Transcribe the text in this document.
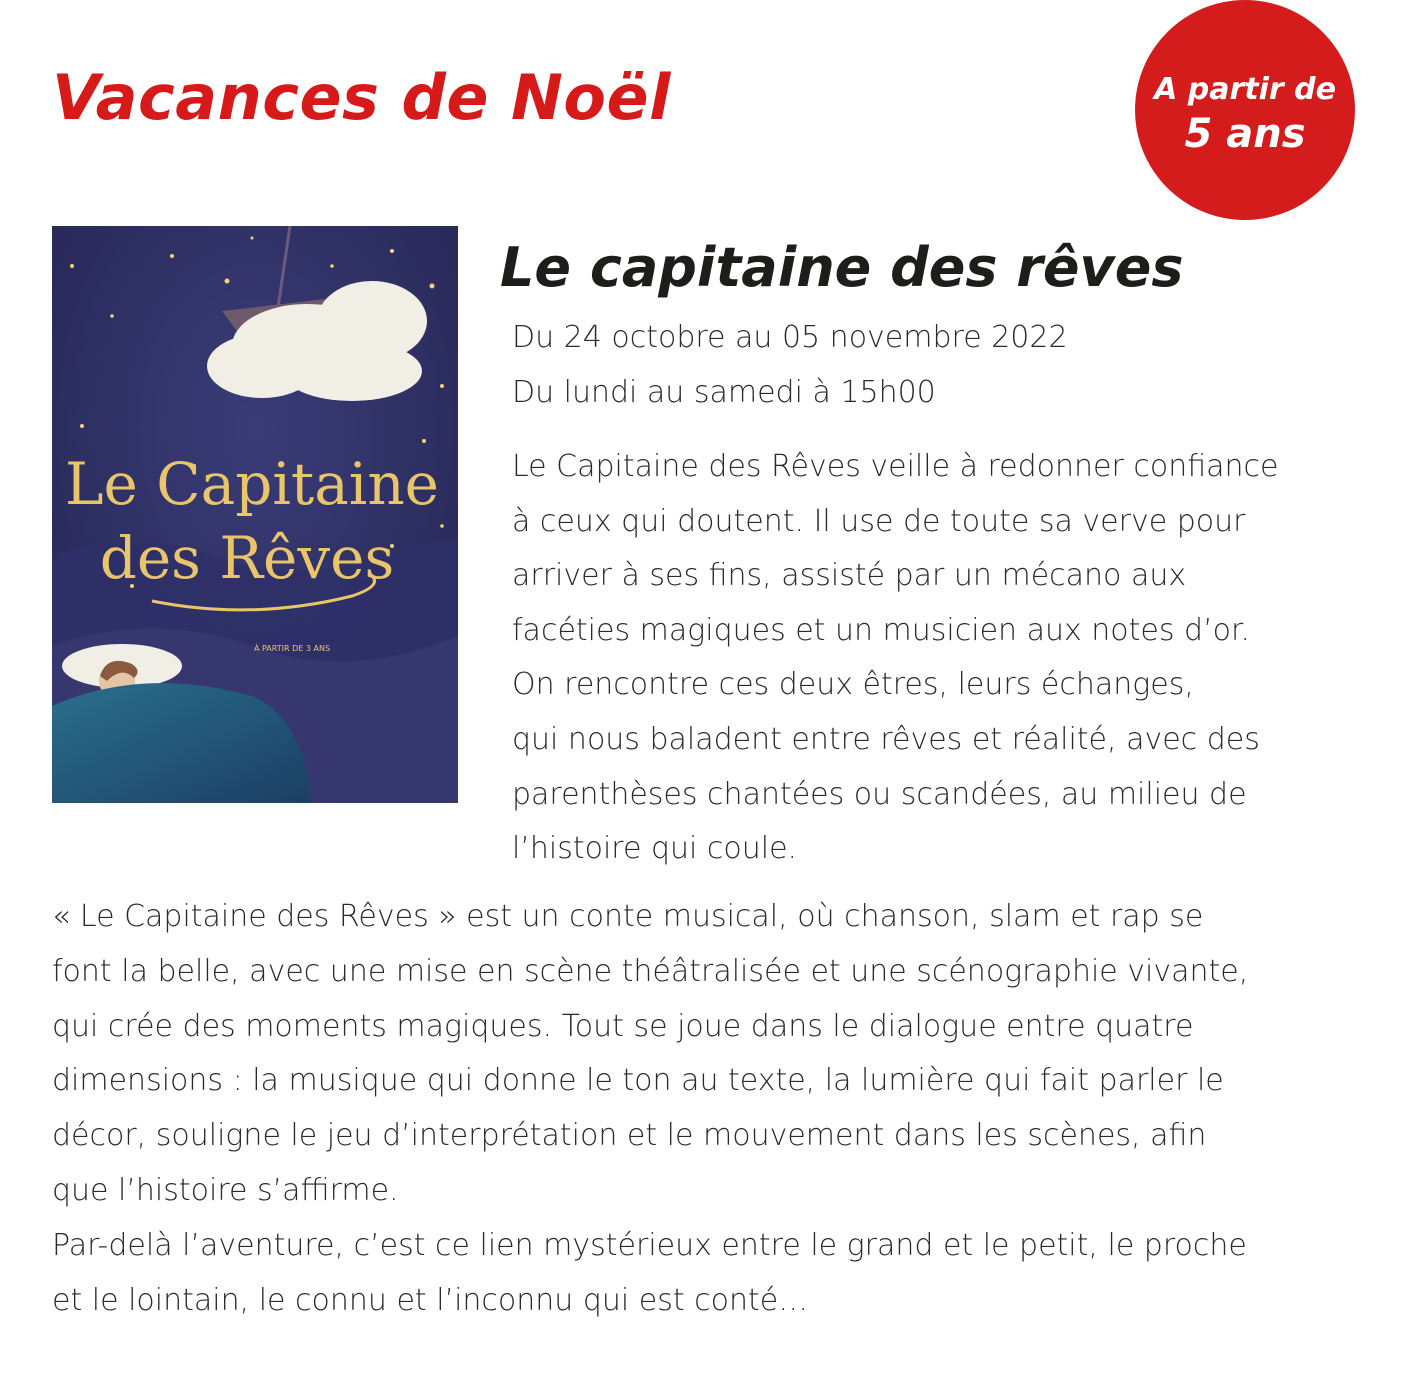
Vacances de Noël	A partir de
5 ans
Le Capitaine
des Rêves
À PARTIR DE 3 ANS
Le capitaine des rêves
Du 24 octobre au 05 novembre 2022
Du lundi au samedi à 15h00

Le Capitaine des Rêves veille à redonner confiance
à ceux qui doutent. Il use de toute sa verve pour
arriver à ses fins, assisté par un mécano aux
facéties magiques et un musicien aux notes d’or.
On rencontre ces deux êtres, leurs échanges,
qui nous baladent entre rêves et réalité, avec des
parenthèses chantées ou scandées, au milieu de
l’histoire qui coule.

« Le Capitaine des Rêves » est un conte musical, où chanson, slam et rap se
font la belle, avec une mise en scène théâtralisée et une scénographie vivante,
qui crée des moments magiques. Tout se joue dans le dialogue entre quatre
dimensions : la musique qui donne le ton au texte, la lumière qui fait parler le
décor, souligne le jeu d’interprétation et le mouvement dans les scènes, afin
que l’histoire s’affirme.
Par-delà l’aventure, c’est ce lien mystérieux entre le grand et le petit, le proche
et le lointain, le connu et l’inconnu qui est conté…
